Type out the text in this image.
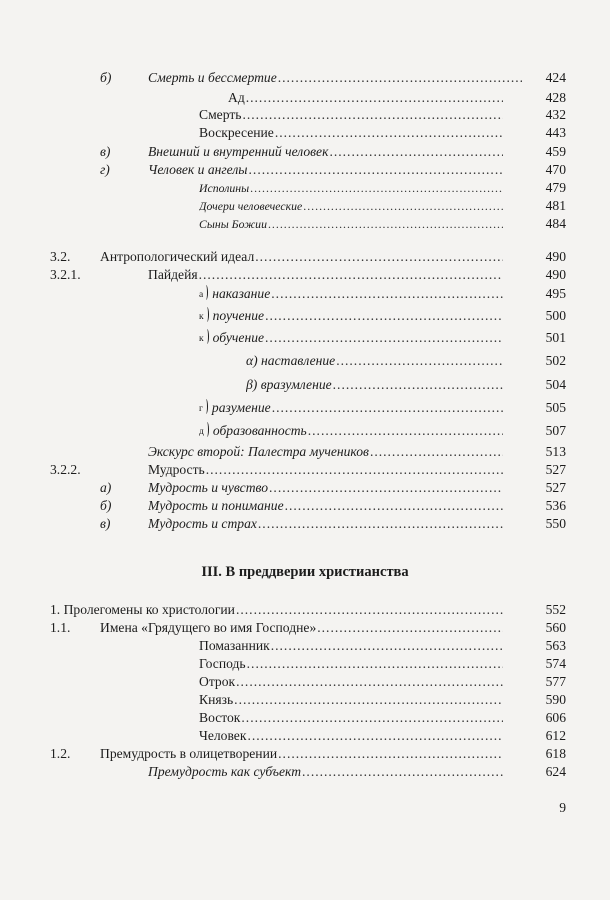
б)	Смерть и бессмертие .....	424
Ад .....	428
Смерть .....	432
Воскресение .....	443
в)	Внешний и внутренний человек .....	459
г)	Человек и ангелы .....	470
Исполины .....	479
Дочери человеческие .....	481
Сыны Божии .....	484
3.2. Антропологический идеал .....	490
3.2.1.	Пайдейя .....	490
а наказание .....	495
к поучение .....	500
к обучение .....	501
α) наставление .....	502
β) вразумление .....	504
г разумение .....	505
д образованность .....	507
Экскурс второй: Палестра мучеников .....	513
3.2.2.	Мудрость .....	527
а)	Мудрость и чувство .....	527
б)	Мудрость и понимание .....	536
в)	Мудрость и страх .....	550
III. В преддверии христианства
1. Пролегомены ко христологии .....	552
1.1. Имена «Грядущего во имя Господне» .....	560
Помазанник .....	563
Господь .....	574
Отрок .....	577
Князь .....	590
Восток .....	606
Человек .....	612
1.2. Премудрость в олицетворении .....	618
Премудрость как субъект .....	624
9
